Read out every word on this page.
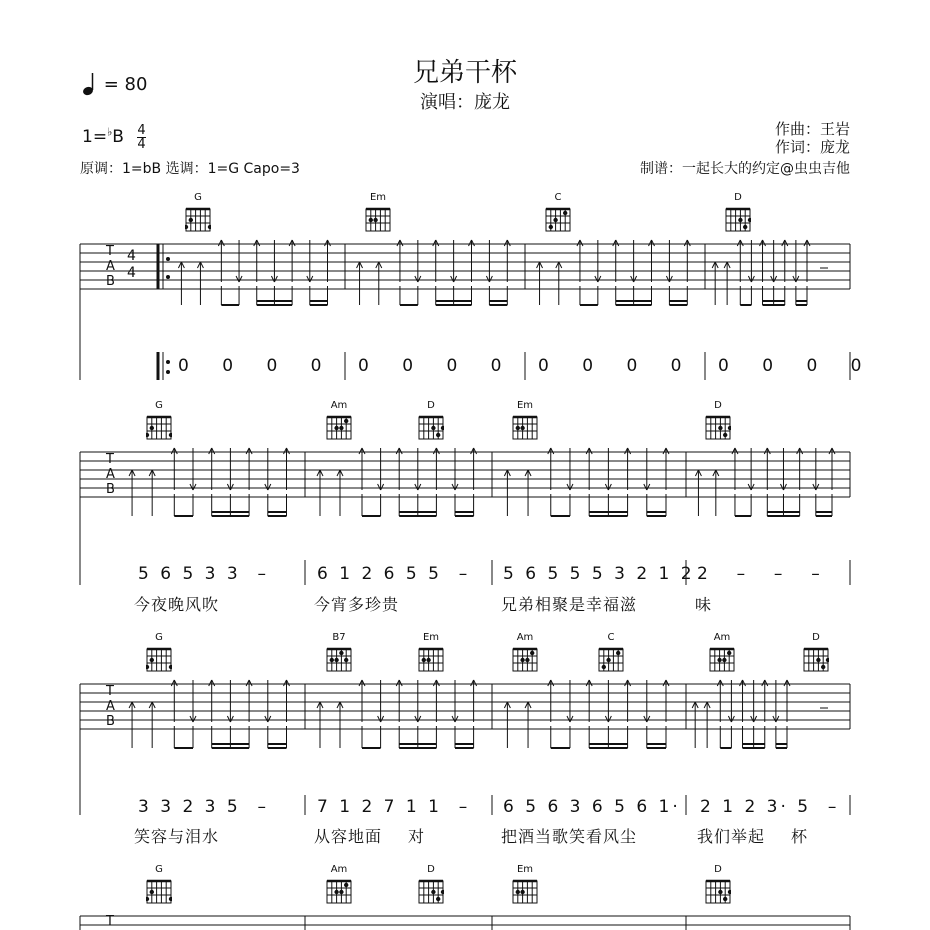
兄弟干杯
演唱：庞龙
= 80
$1=^♭B \frac{4}{4}$	作曲：王岩
作词：庞龙
原调：1=bB 选调：1=G Capo=3	制谱：一起长大的约定@虫虫吉他
T
A
B
4
4
T
A
B
T
A
B
T
G	Em	C	D
G	Am	D	Em	D
G	B7	Em	Am	C	Am	D
G	Am	D	Em	D
0 0 0 0 0 0 0 0 0 0 0 0 0 0 0 0
5 6 5 3 3  –	6 1 2 6 5 5  – 5 6 5 5 5 3 2 1 2 2  –  –  –
今夜晚风吹	今宵多珍贵	兄弟相聚是幸福滋	味
3 3 2 3 5  –	7 1 2 7 1 1  – 6 5 6 3 6 5 6 1· 2 1 2 3· 5  –
笑容与泪水	从容地面 对	把酒当歌笑看风尘	我们举起 杯
